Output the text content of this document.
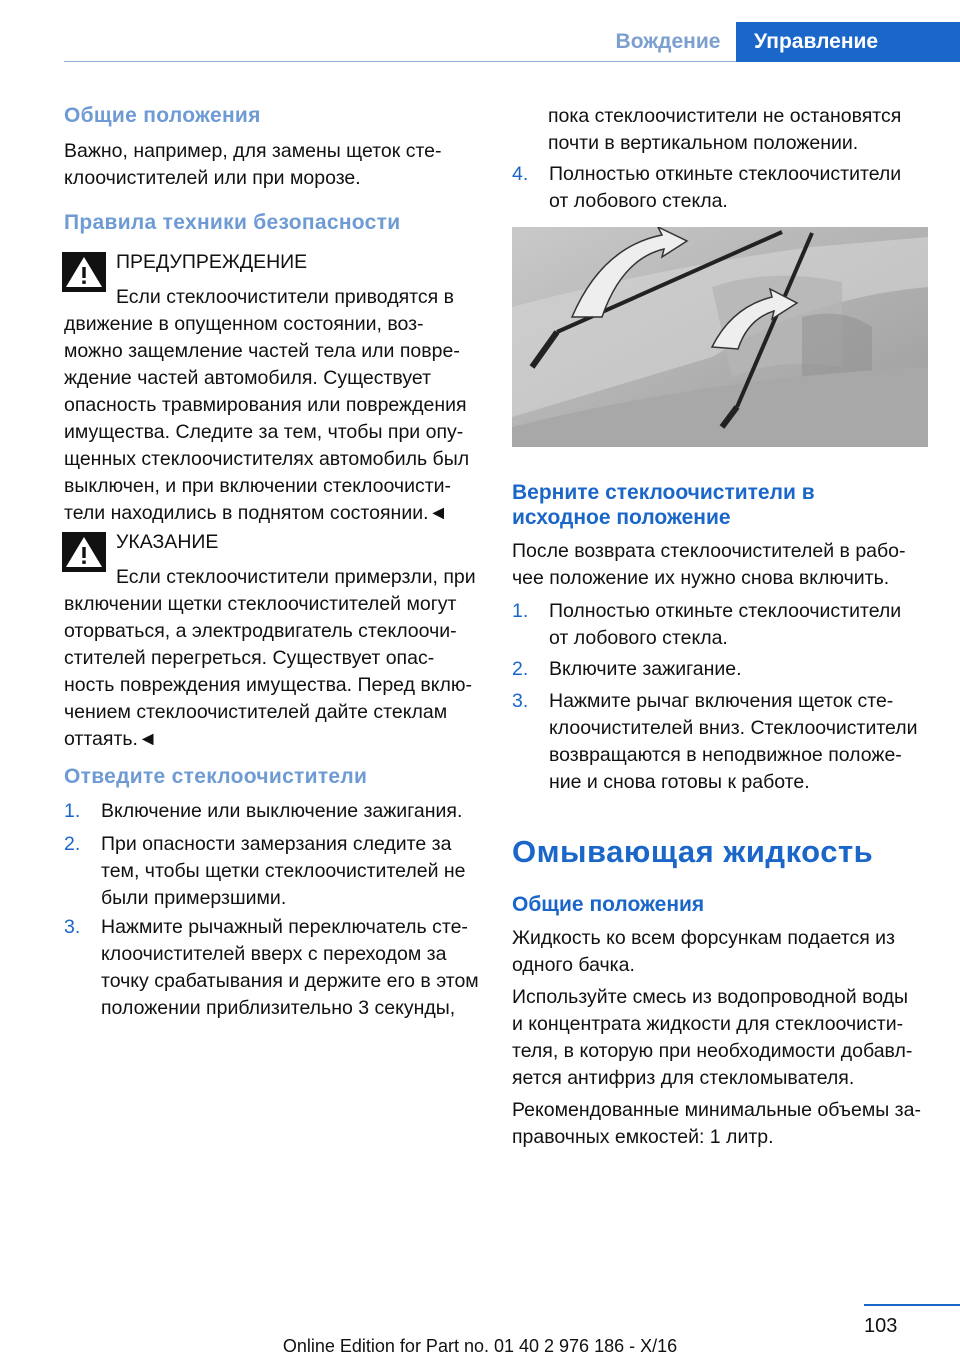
Вождение	Управление
Общие положения
Важно, например, для замены щеток сте-
клоочистителей или при морозе.
Правила техники безопасности
ПРЕДУПРЕЖДЕНИЕ
Если стеклоочистители приводятся в
движение в опущенном состоянии, воз-
можно защемление частей тела или повре-
ждение частей автомобиля. Существует
опасность травмирования или повреждения
имущества. Следите за тем, чтобы при опу-
щенных стеклоочистителях автомобиль был
выключен, и при включении стеклоочисти-
тели находились в поднятом состоянии.◄
УКАЗАНИЕ
Если стеклоочистители примерзли, при
включении щетки стеклоочистителей могут
оторваться, а электродвигатель стеклоочи-
стителей перегреться. Существует опас-
ность повреждения имущества. Перед вклю-
чением стеклоочистителей дайте стеклам
оттаять.◄
Отведите стеклоочистители
1. Включение или выключение зажигания.
2. При опасности замерзания следите за
тем, чтобы щетки стеклоочистителей не
были примерзшими.
3. Нажмите рычажный переключатель сте-
клоочистителей вверх с переходом за
точку срабатывания и держите его в этом
положении приблизительно 3 секунды,
пока стеклоочистители не остановятся
почти в вертикальном положении.
4. Полностью откиньте стеклоочистители
от лобового стекла.
Верните стеклоочистители в
исходное положение
После возврата стеклоочистителей в рабо-
чее положение их нужно снова включить.
1. Полностью откиньте стеклоочистители
от лобового стекла.
2. Включите зажигание.
3. Нажмите рычаг включения щеток сте-
клоочистителей вниз. Стеклоочистители
возвращаются в неподвижное положе-
ние и снова готовы к работе.
Омывающая жидкость
Общие положения
Жидкость ко всем форсункам подается из
одного бачка.
Используйте смесь из водопроводной воды
и концентрата жидкости для стеклоочисти-
теля, в которую при необходимости добавл-
яется антифриз для стекломывателя.
Рекомендованные минимальные объемы за-
правочных емкостей: 1 литр.
103
Online Edition for Part no. 01 40 2 976 186 - X/16
